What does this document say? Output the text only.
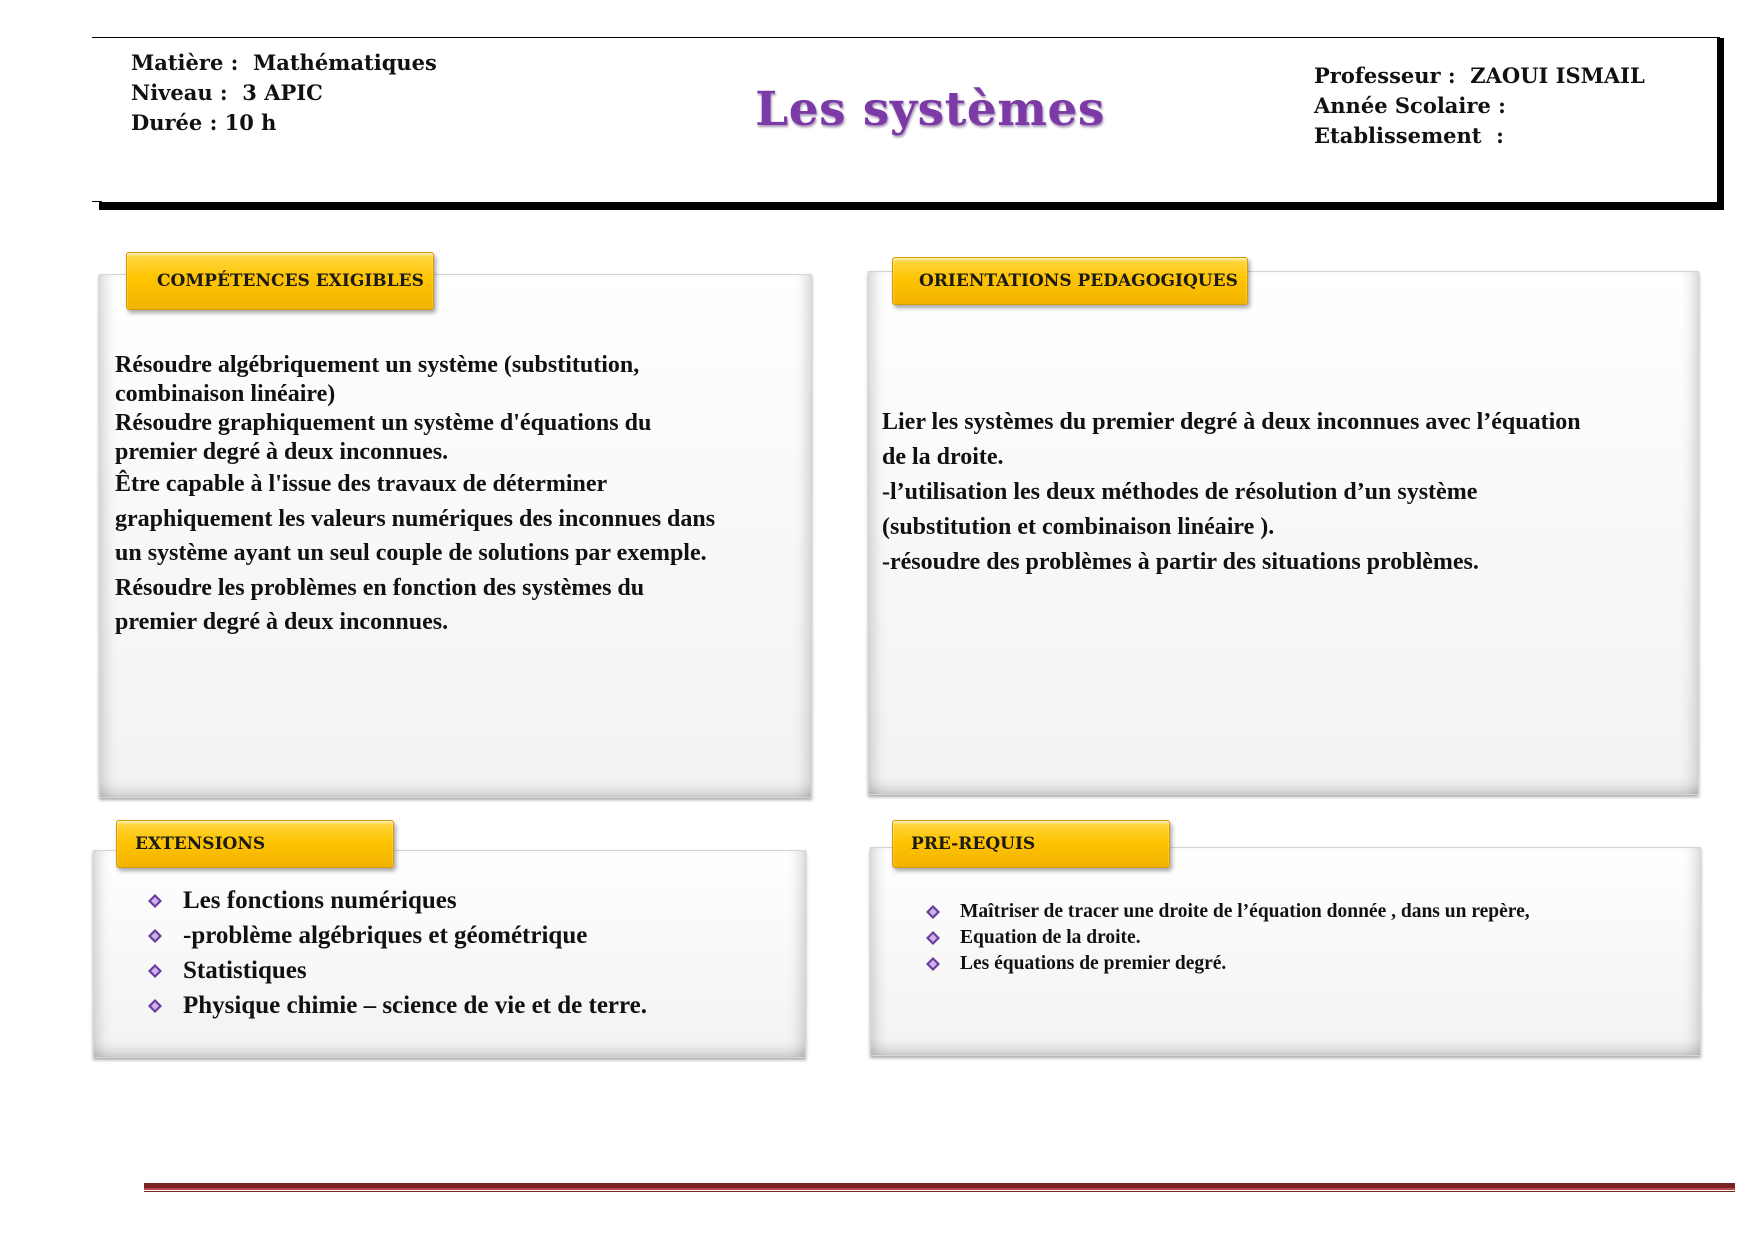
Matière :  Mathématiques
Niveau :  3 APIC
Durée : 10 h	Les systèmes
Professeur :  ZAOUI ISMAIL
Année Scolaire :
Etablissement  :
COMPÉTENCES EXIGIBLES

Résoudre algébriquement un système (substitution,

combinaison linéaire)

Résoudre graphiquement un système d'équations du

premier degré à deux inconnues.

Être capable à l'issue des travaux de déterminer

graphiquement les valeurs numériques des inconnues dans

un système ayant un seul couple de solutions par exemple.

Résoudre les problèmes en fonction des systèmes du

premier degré à deux inconnues.

ORIENTATIONS PEDAGOGIQUES

Lier les systèmes du premier degré à deux inconnues avec l’équation

de la droite.

-l’utilisation les deux méthodes de résolution d’un système

(substitution et combinaison linéaire ).

-résoudre des problèmes à partir des situations problèmes.

EXTENSIONS
Les fonctions numériques
-problème algébriques et géométrique
Statistiques
Physique chimie – science de vie et de terre.
PRE-REQUIS
Maîtriser de tracer une droite de l’équation donnée , dans un repère,
Equation de la droite.
Les équations de premier degré.
